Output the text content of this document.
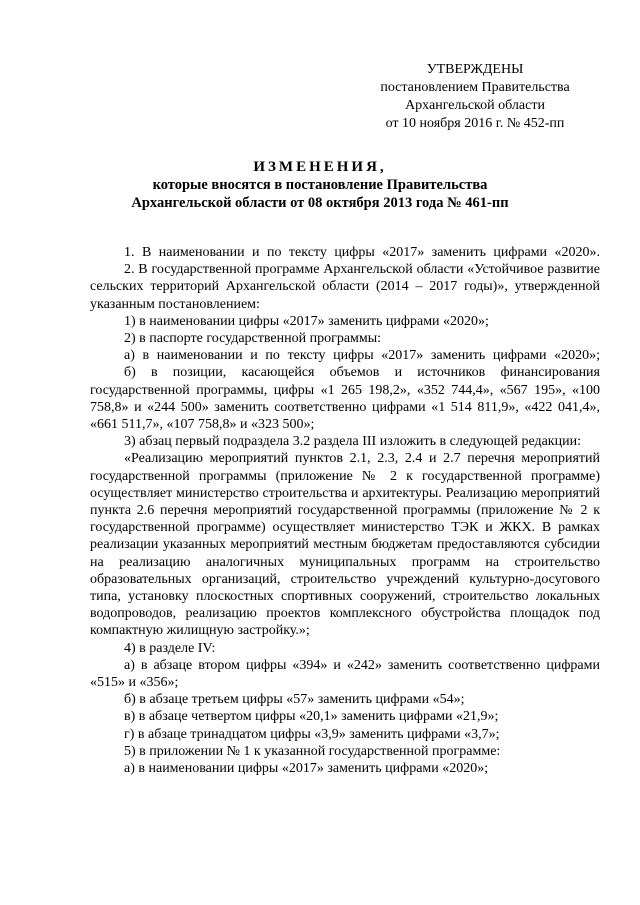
УТВЕРЖДЕНЫ
постановлением Правительства
Архангельской области
от 10 ноября 2016 г. № 452-пп
ИЗМЕНЕНИЯ,
которые вносятся в постановление Правительства
Архангельской области от 08 октября 2013 года № 461-пп

1. В наименовании и по тексту цифры «2017» заменить цифрами «2020».

2. В государственной программе Архангельской области «Устойчивое развитие сельских территорий Архангельской области (2014 – 2017 годы)», утвержденной указанным постановлением:

1) в наименовании цифры «2017» заменить цифрами «2020»;

2) в паспорте государственной программы:

а) в наименовании и по тексту цифры «2017» заменить цифрами «2020»;

б) в позиции, касающейся объемов и источников финансирования государственной программы, цифры «1 265 198,2», «352 744,4», «567 195», «100 758,8» и «244 500» заменить соответственно цифрами «1 514 811,9», «422 041,4», «661 511,7», «107 758,8» и «323 500»;

3) абзац первый подраздела 3.2 раздела III изложить в следующей редакции:

«Реализацию мероприятий пунктов 2.1, 2.3, 2.4 и 2.7 перечня мероприятий государственной программы (приложение № 2 к государственной программе) осуществляет министерство строительства и архитектуры. Реализацию мероприятий пункта 2.6 перечня мероприятий государственной программы (приложение № 2 к государственной программе) осуществляет министерство ТЭК и ЖКХ. В рамках реализации указанных мероприятий местным бюджетам предоставляются субсидии на реализацию аналогичных муниципальных программ на строительство образовательных организаций, строительство учреждений культурно-досугового типа, установку плоскостных спортивных сооружений, строительство локальных водопроводов, реализацию проектов комплексного обустройства площадок под компактную жилищную застройку.»;

4) в разделе IV:

а) в абзаце втором цифры «394» и «242» заменить соответственно цифрами «515» и «356»;

б) в абзаце третьем цифры «57» заменить цифрами «54»;

в) в абзаце четвертом цифры «20,1» заменить цифрами «21,9»;

г) в абзаце тринадцатом цифры «3,9» заменить цифрами «3,7»;

5) в приложении № 1 к указанной государственной программе:

а) в наименовании цифры «2017» заменить цифрами «2020»;
